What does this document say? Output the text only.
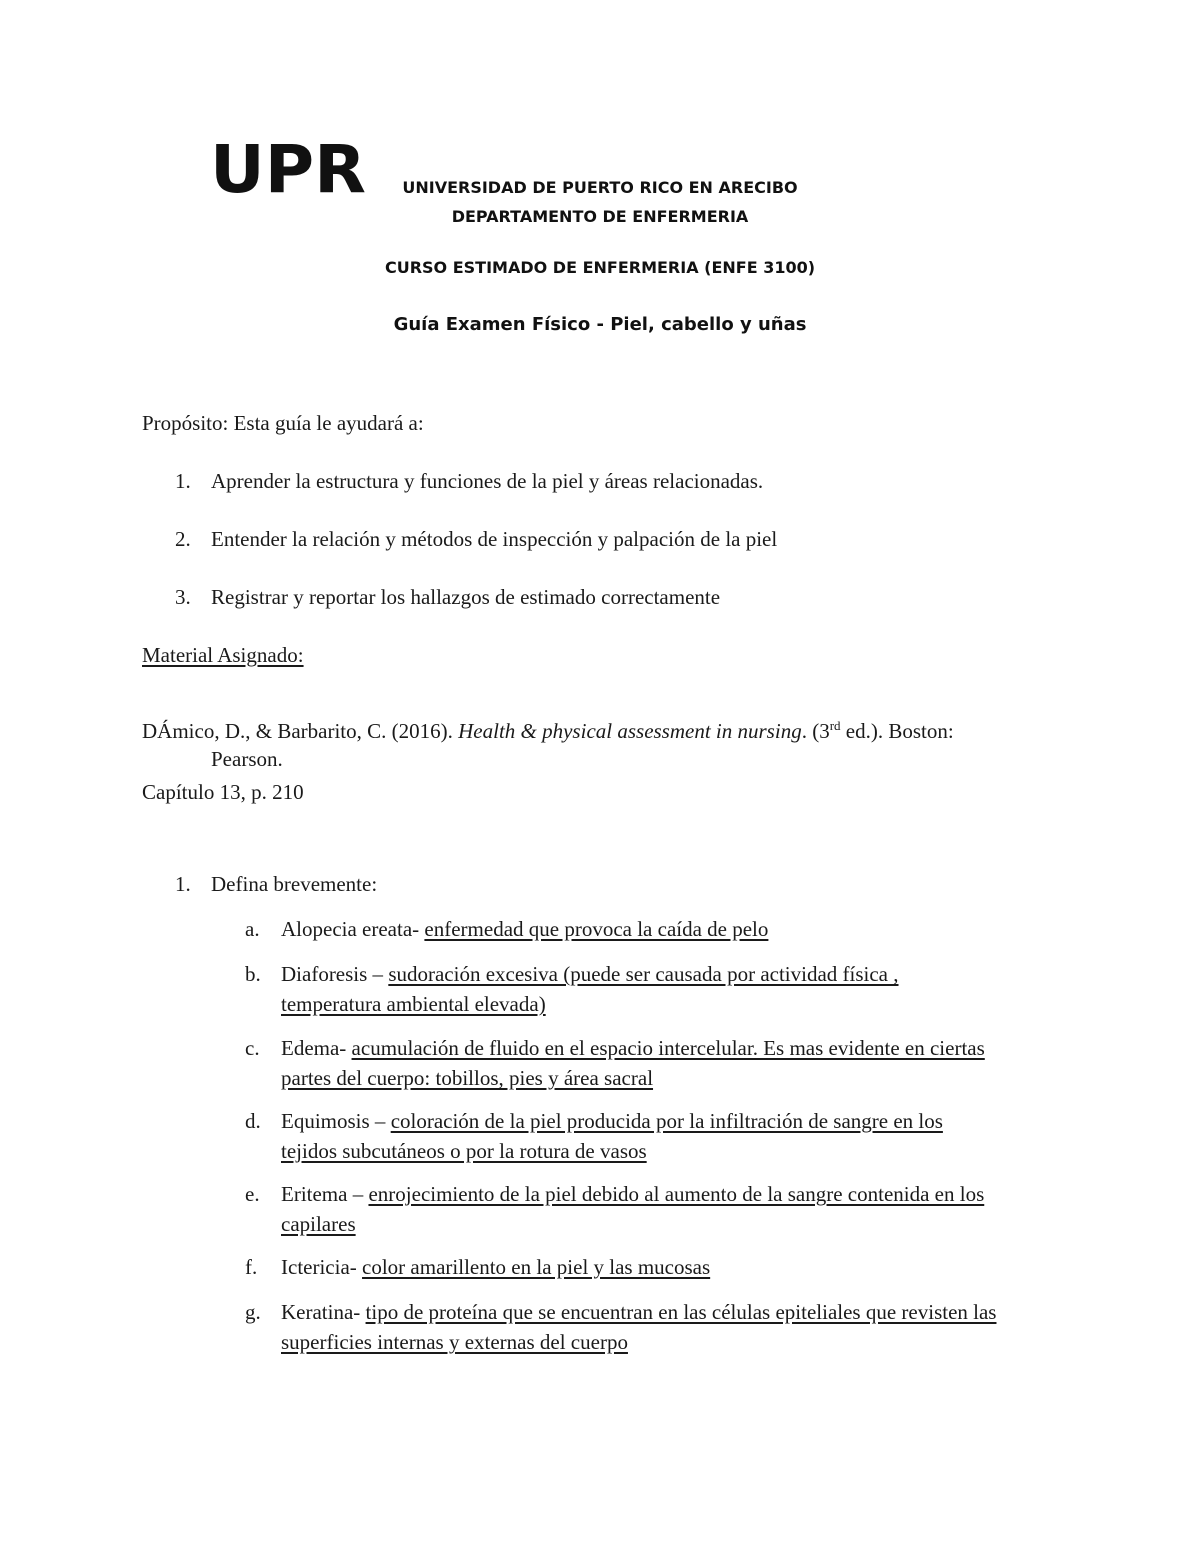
UPR	UNIVERSIDAD DE PUERTO RICO EN ARECIBO
DEPARTAMENTO DE ENFERMERIA
CURSO ESTIMADO DE ENFERMERIA (ENFE 3100)
Guía Examen Físico - Piel, cabello y uñas
Propósito: Esta guía le ayudará a:
1. Aprender la estructura y funciones de la piel y áreas relacionadas.
2. Entender la relación y métodos de inspección y palpación de la piel
3. Registrar y reportar los hallazgos de estimado correctamente
Material Asignado:
DÁmico, D., & Barbarito, C. (2016). Health & physical assessment in nursing. (3rd ed.). Boston:
Pearson.
Capítulo 13, p. 210
1. Defina brevemente:
a. Alopecia ereata- enfermedad que provoca la caída de pelo
b. Diaforesis – sudoración excesiva (puede ser causada por actividad física ,
temperatura ambiental elevada)
c. Edema- acumulación de fluido en el espacio intercelular. Es mas evidente en ciertas
partes del cuerpo: tobillos, pies y área sacral
d. Equimosis – coloración de la piel producida por la infiltración de sangre en los
tejidos subcutáneos o por la rotura de vasos
e. Eritema – enrojecimiento de la piel debido al aumento de la sangre contenida en los
capilares
f. Ictericia- color amarillento en la piel y las mucosas
g. Keratina- tipo de proteína que se encuentran en las células epiteliales que revisten las
superficies internas y externas del cuerpo
